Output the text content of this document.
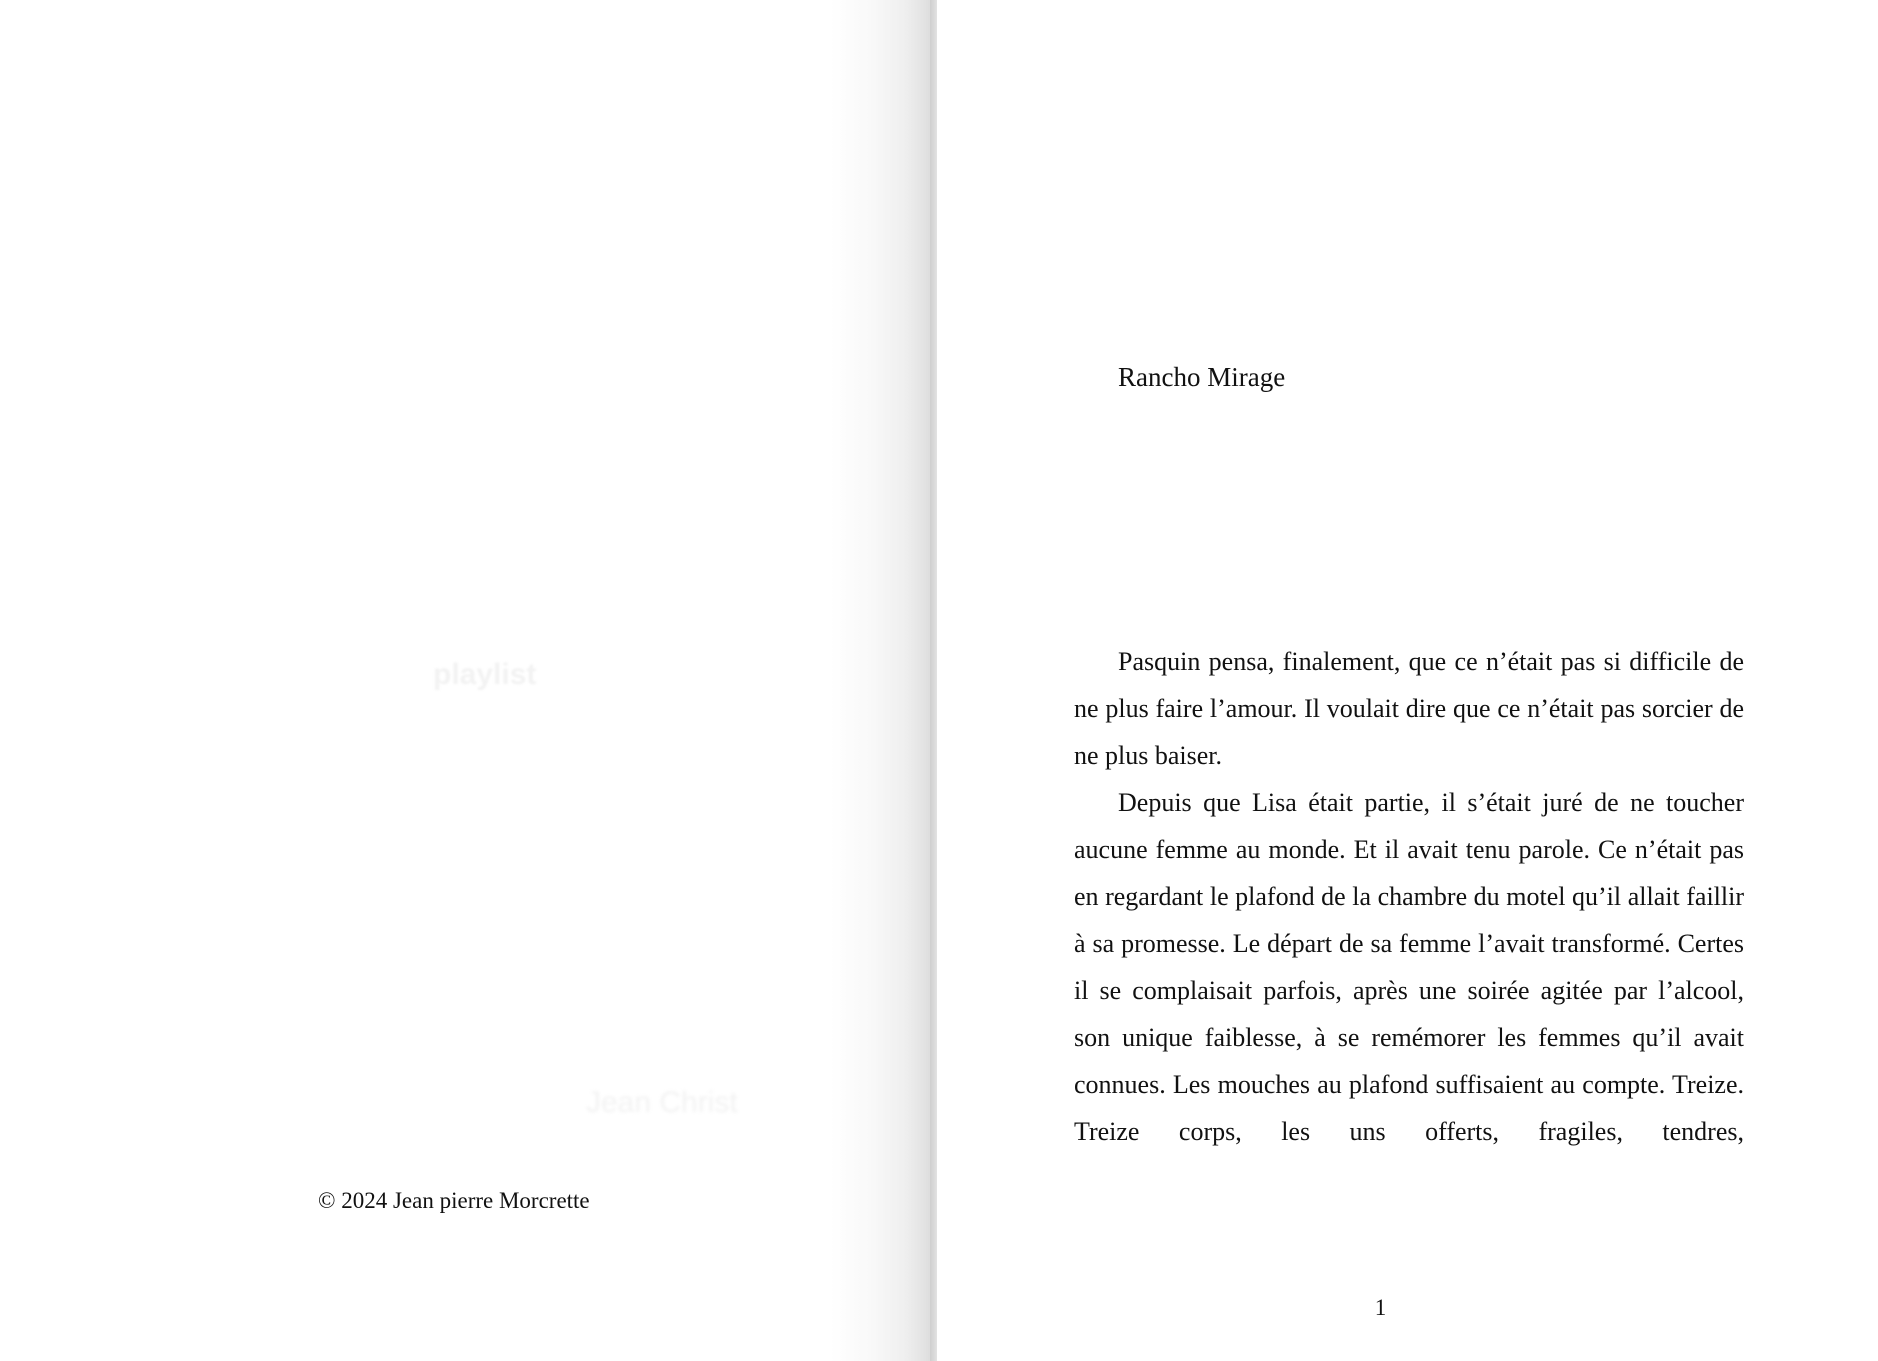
playlist
Jean Christ
© 2024 Jean pierre Morcrette
Rancho Mirage

Pasquin pensa, finalement, que ce n’était pas si difficile de ne plus faire l’amour. Il voulait dire que ce n’était pas sorcier de ne plus baiser.

Depuis que Lisa était partie, il s’était juré de ne toucher aucune femme au monde. Et il avait tenu parole. Ce n’était pas en regardant le plafond de la chambre du motel qu’il allait faillir à sa promesse. Le départ de sa femme l’avait transformé. Certes il se complaisait parfois, après une soirée agitée par l’alcool, son unique faiblesse, à se remémorer les femmes qu’il avait connues. Les mouches au plafond suffisaient au compte. Treize. Treize corps, les uns offerts, fragiles, tendres,

1
